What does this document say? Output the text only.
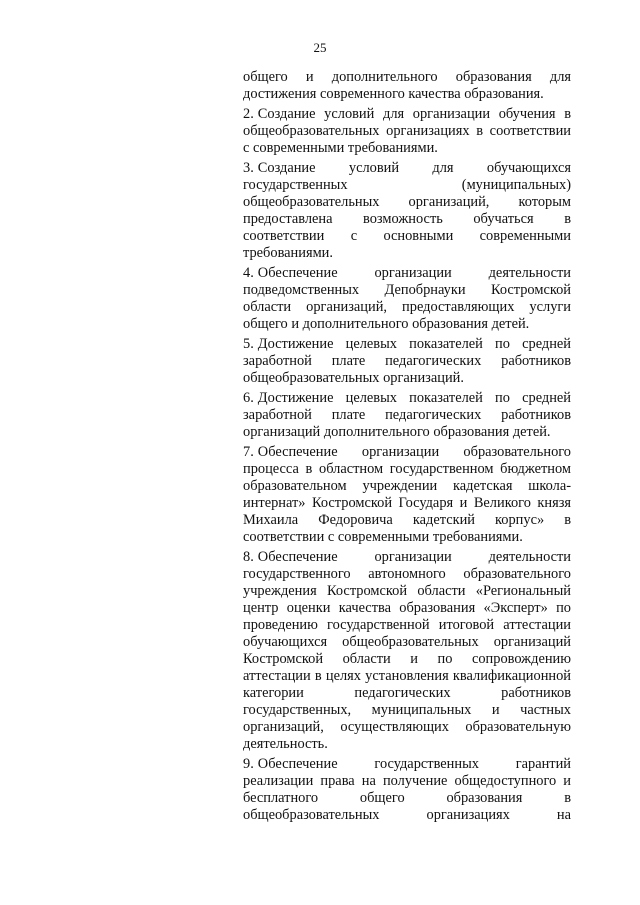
25

общего и дополнительного образования для достижения современного качества образования.

2. Создание условий для организации обучения в общеобразовательных организациях в соответствии с современными требованиями.

3. Создание условий для обучающихся государственных (муниципальных) общеобразовательных организаций, которым предоставлена возможность обучаться в соответствии с основными современными требованиями.

4. Обеспечение организации деятельности подведомственных Депобрнауки Костромской области организаций, предоставляющих услуги общего и дополнительного образования детей.

5. Достижение целевых показателей по средней заработной плате педагогических работников общеобразовательных организаций.

6. Достижение целевых показателей по средней заработной плате педагогических работников организаций дополнительного образования детей.

7. Обеспечение организации образовательного процесса в областном государственном бюджетном образовательном учреждении кадетская школа-интернат» Костромской Государя и Великого князя Михаила Федоровича кадетский корпус» в соответствии с современными требованиями.

8. Обеспечение организации деятельности государственного автономного образовательного учреждения Костромской области «Региональный центр оценки качества образования «Эксперт» по проведению государственной итоговой аттестации обучающихся общеобразовательных организаций Костромской области и по сопровождению аттестации в целях установления квалификационной категории педагогических работников государственных, муниципальных и частных организаций, осуществляющих образовательную деятельность.

9. Обеспечение государственных гарантий реализации права на получение общедоступного и бесплатного общего образования в общеобразовательных организациях на
